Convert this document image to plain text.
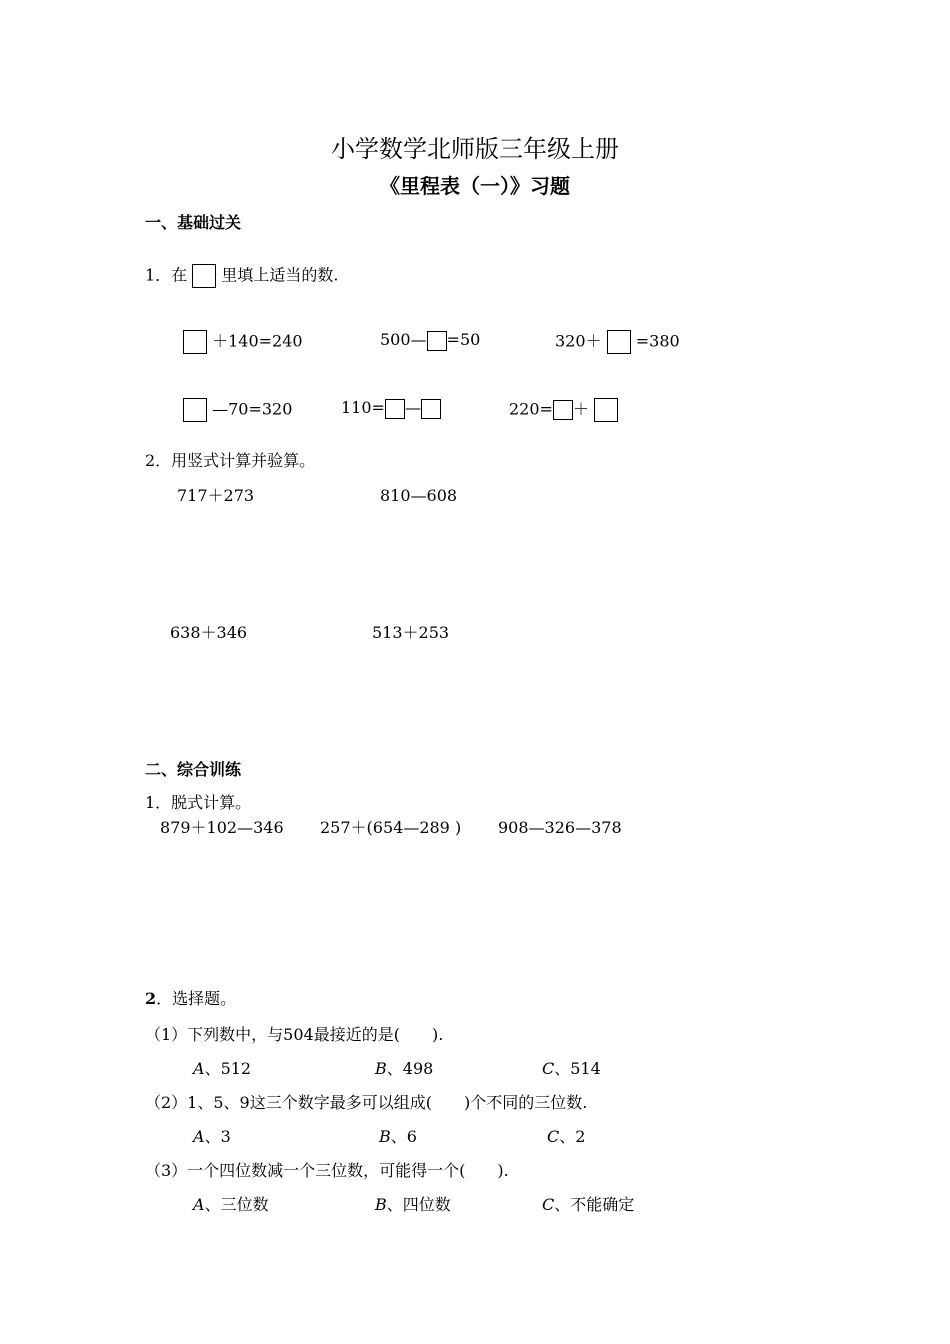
小学数学北师版三年级上册
《里程表（一）》习题
一、基础过关
1．在 里填上适当的数.
＋140=240	500— =50	320＋ =380
—70=320	110= —	220= ＋
2．用竖式计算并验算。
717＋273	810—608
638＋346	513＋253
二、综合训练
1．脱式计算。
879＋102—346 257＋(654—289 ) 908—326—378
2．选择题。
（1）下列数中，与504最接近的是(　　).
A、512	B、498	C、514
（2）1、5、9这三个数字最多可以组成(　　)个不同的三位数.
A、3	B、6	C、2
（3）一个四位数减一个三位数，可能得一个(　　).
A、三位数	B、四位数	C、不能确定
